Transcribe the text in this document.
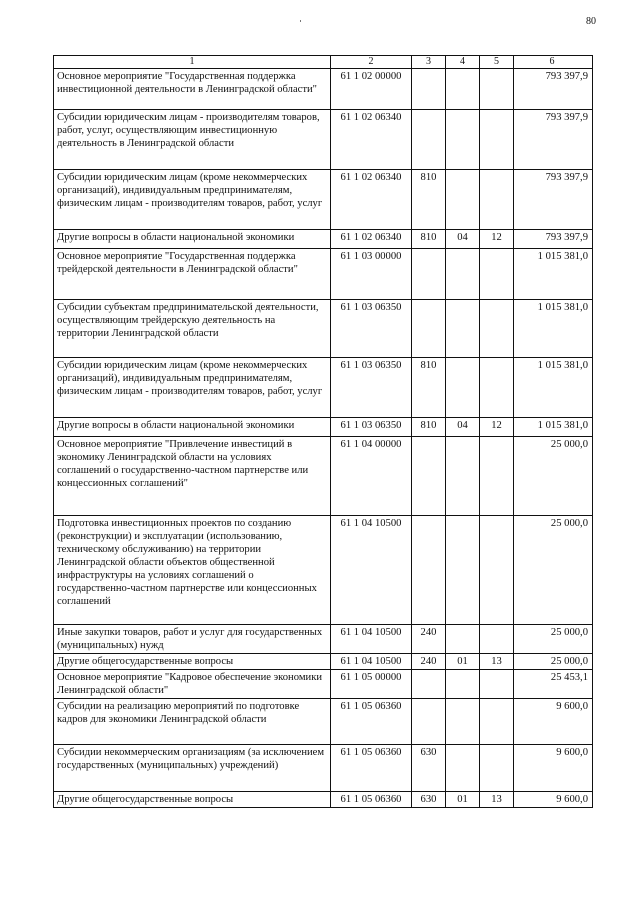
80
1	2	3	4	5	6
Основное мероприятие "Государственная поддержка инвестиционной деятельности в Ленинградской области"	61 1 02 00000				793 397,9
Субсидии юридическим лицам - производителям товаров, работ, услуг, осуществляющим инвестиционную деятельность в Ленинградской области	61 1 02 06340				793 397,9
Субсидии юридическим лицам (кроме некоммерческих организаций), индивидуальным предпринимателям, физическим лицам - производителям товаров, работ, услуг	61 1 02 06340	810			793 397,9
Другие вопросы в области национальной экономики	61 1 02 06340	810	04	12	793 397,9
Основное мероприятие "Государственная поддержка трейдерской деятельности в Ленинградской области"	61 1 03 00000				1 015 381,0
Субсидии субъектам предпринимательской деятельности, осуществляющим трейдерскую деятельность на территории Ленинградской области	61 1 03 06350				1 015 381,0
Субсидии юридическим лицам (кроме некоммерческих организаций), индивидуальным предпринимателям, физическим лицам - производителям товаров, работ, услуг	61 1 03 06350	810			1 015 381,0
Другие вопросы в области национальной экономики	61 1 03 06350	810	04	12	1 015 381,0
Основное мероприятие "Привлечение инвестиций в экономику Ленинградской области на условиях соглашений о государственно-частном партнерстве или концессионных соглашений"	61 1 04 00000				25 000,0
Подготовка инвестиционных проектов по созданию (реконструкции) и эксплуатации (использованию, техническому обслуживанию) на территории Ленинградской области объектов общественной инфраструктуры на условиях соглашений о государственно-частном партнерстве или концессионных соглашений	61 1 04 10500				25 000,0
Иные закупки товаров, работ и услуг для государственных (муниципальных) нужд	61 1 04 10500	240			25 000,0
Другие общегосударственные вопросы	61 1 04 10500	240	01	13	25 000,0
Основное мероприятие "Кадровое обеспечение экономики Ленинградской области"	61 1 05 00000				25 453,1
Субсидии на реализацию мероприятий по подготовке кадров для экономики Ленинградской области	61 1 05 06360				9 600,0
Субсидии некоммерческим организациям (за исключением государственных (муниципальных) учреждений)	61 1 05 06360	630			9 600,0
Другие общегосударственные вопросы	61 1 05 06360	630	01	13	9 600,0
